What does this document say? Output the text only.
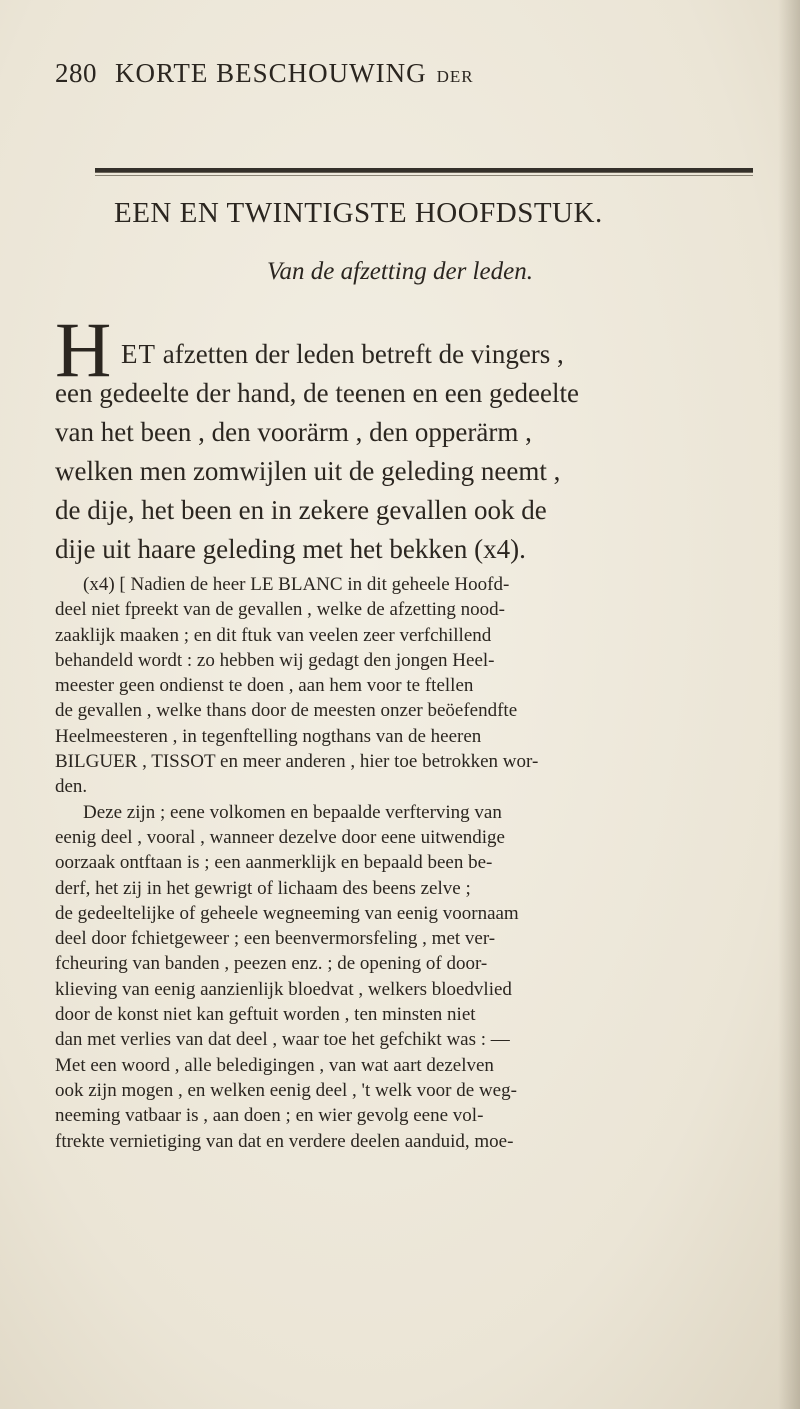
280 KORTE BESCHOUWING DER
EEN EN TWINTIGSTE HOOFDSTUK.
Van de afzetting der leden.
H ET afzetten der leden betreft de vingers ,
een gedeelte der hand, de teenen en een gedeelte
van het been , den voorärm , den opperärm ,
welken men zomwijlen uit de geleding neemt ,
de dije, het been en in zekere gevallen ook de
dije uit haare geleding met het bekken (x4).
(x4) [ Nadien de heer LE BLANC in dit geheele Hoofd-
deel niet fpreekt van de gevallen , welke de afzetting nood-
zaaklijk maaken ; en dit ftuk van veelen zeer verfchillend
behandeld wordt : zo hebben wij gedagt den jongen Heel-
meester geen ondienst te doen , aan hem voor te ftellen
de gevallen , welke thans door de meesten onzer beöefendfte
Heelmeesteren , in tegenftelling nogthans van de heeren
BILGUER , TISSOT en meer anderen , hier toe betrokken wor-
den.
Deze zijn ; eene volkomen en bepaalde verfterving van
eenig deel , vooral , wanneer dezelve door eene uitwendige
oorzaak ontftaan is ; een aanmerklijk en bepaald been be-
derf, het zij in het gewrigt of lichaam des beens zelve ;
de gedeeltelijke of geheele wegneeming van eenig voornaam
deel door fchietgeweer ; een beenvermorsfeling , met ver-
fcheuring van banden , peezen enz. ; de opening of door-
klieving van eenig aanzienlijk bloedvat , welkers bloedvlied
door de konst niet kan geftuit worden , ten minsten niet
dan met verlies van dat deel , waar toe het gefchikt was : —
Met een woord , alle beledigingen , van wat aart dezelven
ook zijn mogen , en welken eenig deel , 't welk voor de weg-
neeming vatbaar is , aan doen ; en wier gevolg eene vol-
ftrekte vernietiging van dat en verdere deelen aanduid, moe-
